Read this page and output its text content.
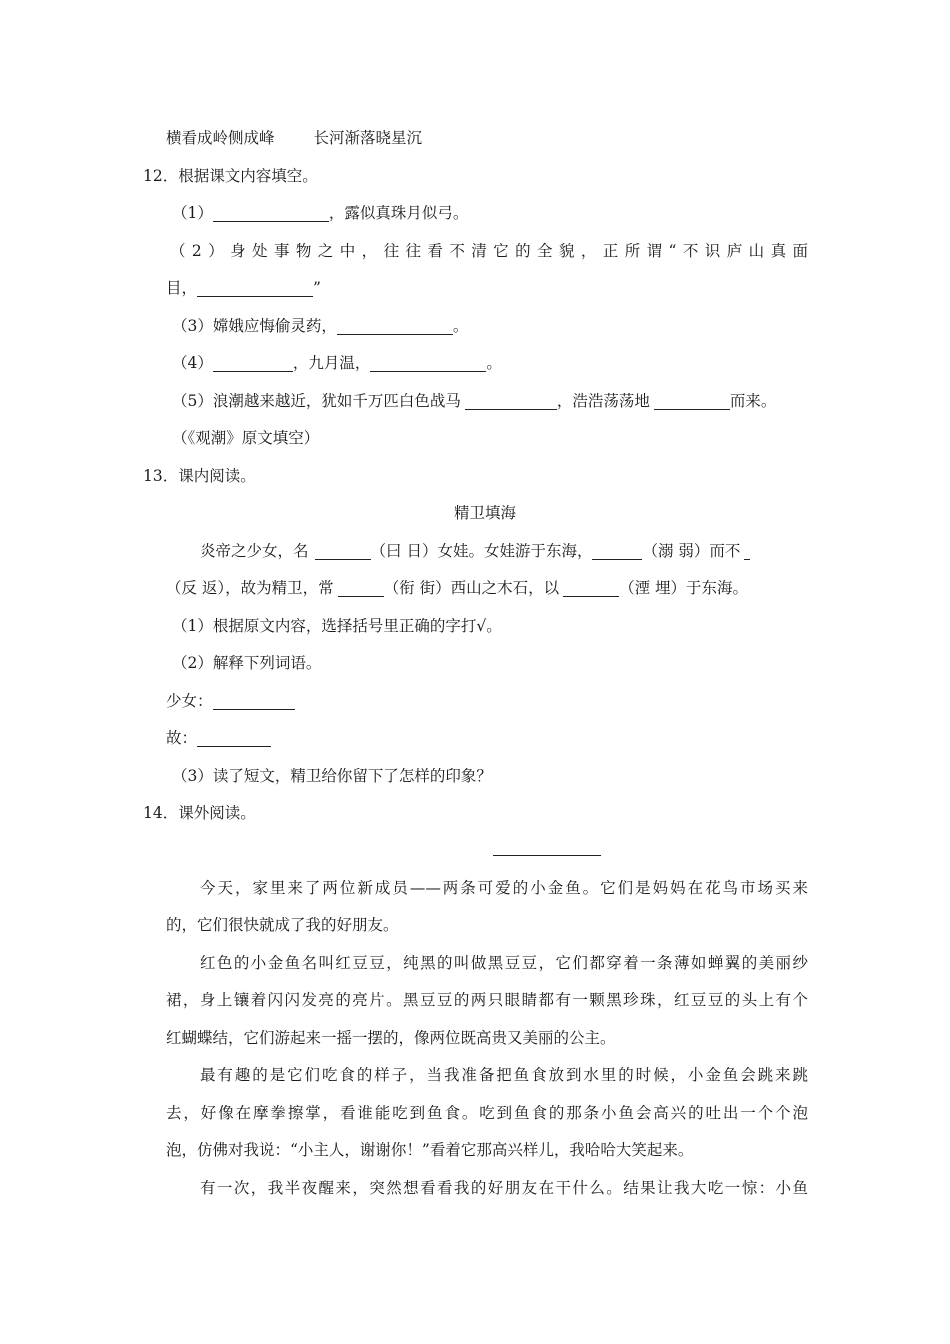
横看成岭侧成峰	长河渐落晓星沉
12．根据课文内容填空。
（1）	，露似真珠月似弓。
（2）身处事物之中，往往看不清它的全貌，正所谓“不识庐山真面
目，	”
（3）嫦娥应悔偷灵药，	。
（4）	，九月温，	。
（5）浪潮越来越近，犹如千万匹白色战马	，浩浩荡荡地	而来。
（《观潮》原文填空）
13．课内阅读。
精卫填海
炎帝之少女，名	（曰 日）女娃。女娃游于东海，	（溺 弱）而不
（反 返），故为精卫，常	（衔 街）西山之木石，以	（湮 埋）于东海。
（1）根据原文内容，选择括号里正确的字打√。
（2）解释下列词语。
少女：
故：
（3）读了短文，精卫给你留下了怎样的印象？
14．课外阅读。
今天，家里来了两位新成员——两条可爱的小金鱼。它们是妈妈在花鸟市场买来
的，它们很快就成了我的好朋友。
红色的小金鱼名叫红豆豆，纯黑的叫做黑豆豆，它们都穿着一条薄如蝉翼的美丽纱
裙，身上镶着闪闪发亮的亮片。黑豆豆的两只眼睛都有一颗黑珍珠，红豆豆的头上有个
红蝴蝶结，它们游起来一摇一摆的，像两位既高贵又美丽的公主。
最有趣的是它们吃食的样子，当我准备把鱼食放到水里的时候，小金鱼会跳来跳
去，好像在摩拳擦掌，看谁能吃到鱼食。吃到鱼食的那条小鱼会高兴的吐出一个个泡
泡，仿佛对我说：“小主人，谢谢你！”看着它那高兴样儿，我哈哈大笑起来。
有一次，我半夜醒来，突然想看看我的好朋友在干什么。结果让我大吃一惊：小鱼
